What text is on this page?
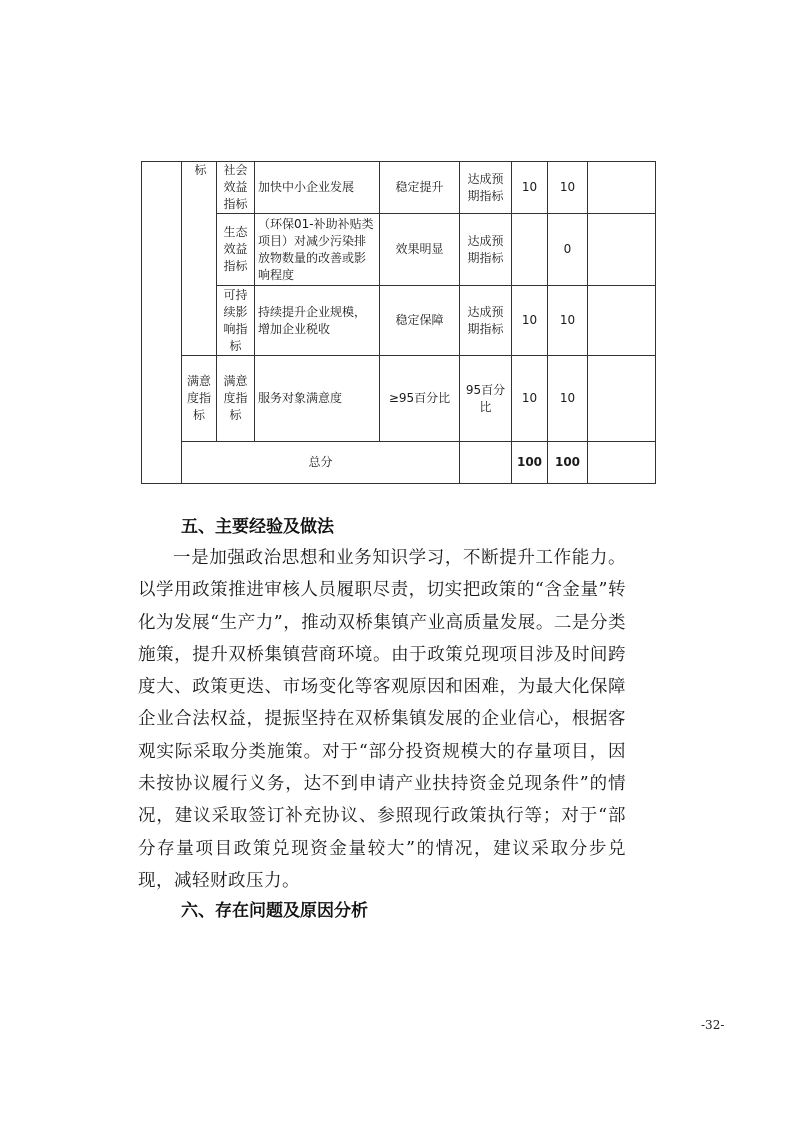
		标	社会效益指标	加快中小企业发展	稳定提升	达成预期指标	10	10	
			生态效益指标	（环保01-补助补贴类项目）对减少污染排放物数量的改善或影响程度	效果明显	达成预期指标		0	
			可持续影响指标	持续提升企业规模，增加企业税收	稳定保障	达成预期指标	10	10	
	满意度指标		满意度指标	服务对象满意度	≥95百分比	95百分比	10	10	
	总分						100	100	
五、主要经验及做法

一是加强政治思想和业务知识学习，不断提升工作能力。以学用政策推进审核人员履职尽责，切实把政策的“含金量”转化为发展“生产力”，推动双桥集镇产业高质量发展。二是分类施策，提升双桥集镇营商环境。由于政策兑现项目涉及时间跨度大、政策更迭、市场变化等客观原因和困难，为最大化保障企业合法权益，提振坚持在双桥集镇发展的企业信心，根据客观实际采取分类施策。对于“部分投资规模大的存量项目，因未按协议履行义务，达不到申请产业扶持资金兑现条件”的情况，建议采取签订补充协议、参照现行政策执行等；对于“部分存量项目政策兑现资金量较大”的情况，建议采取分步兑现，减轻财政压力。

六、存在问题及原因分析
-32-
